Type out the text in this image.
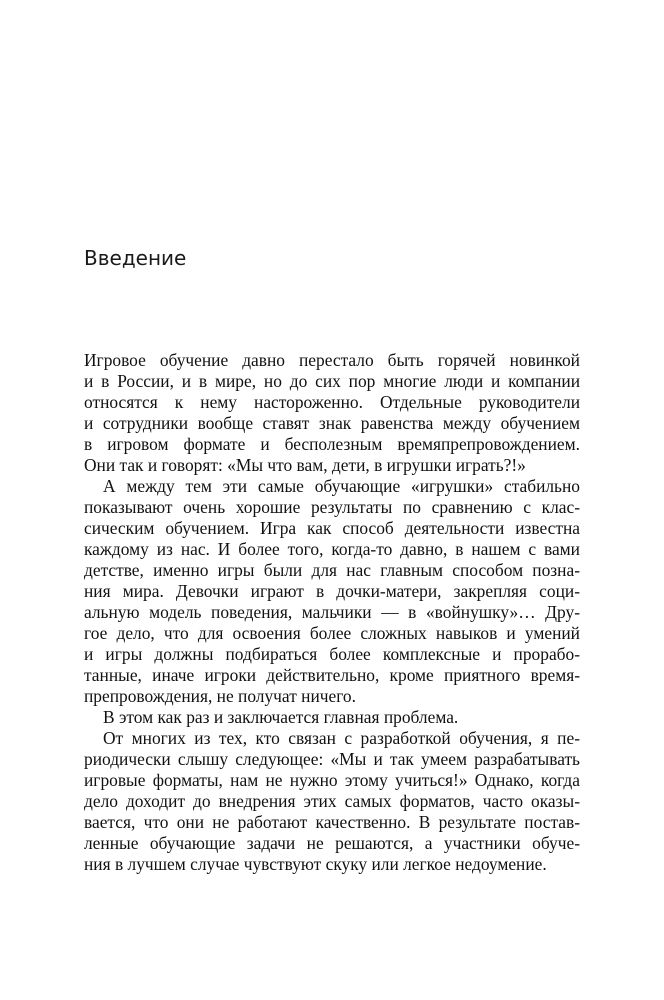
Введение
Игровое обучение давно перестало быть горячей новинкой
и в России, и в мире, но до сих пор многие люди и компании
относятся к нему настороженно. Отдельные руководители
и сотрудники вообще ставят знак равенства между обучением
в игровом формате и бесполезным времяпрепровождением.
Они так и говорят: «Мы что вам, дети, в игрушки играть?!»
А между тем эти самые обучающие «игрушки» стабильно
показывают очень хорошие результаты по сравнению с клас-
сическим обучением. Игра как способ деятельности известна
каждому из нас. И более того, когда-то давно, в нашем с вами
детстве, именно игры были для нас главным способом позна-
ния мира. Девочки играют в дочки-матери, закрепляя соци-
альную модель поведения, мальчики — в «войнушку»… Дру-
гое дело, что для освоения более сложных навыков и умений
и игры должны подбираться более комплексные и прорабо-
танные, иначе игроки действительно, кроме приятного время-
препровождения, не получат ничего.
В этом как раз и заключается главная проблема.
От многих из тех, кто связан с разработкой обучения, я пе-
риодически слышу следующее: «Мы и так умеем разрабатывать
игровые форматы, нам не нужно этому учиться!» Однако, когда
дело доходит до внедрения этих самых форматов, часто оказы-
вается, что они не работают качественно. В результате постав-
ленные обучающие задачи не решаются, а участники обуче-
ния в лучшем случае чувствуют скуку или легкое недоумение.
